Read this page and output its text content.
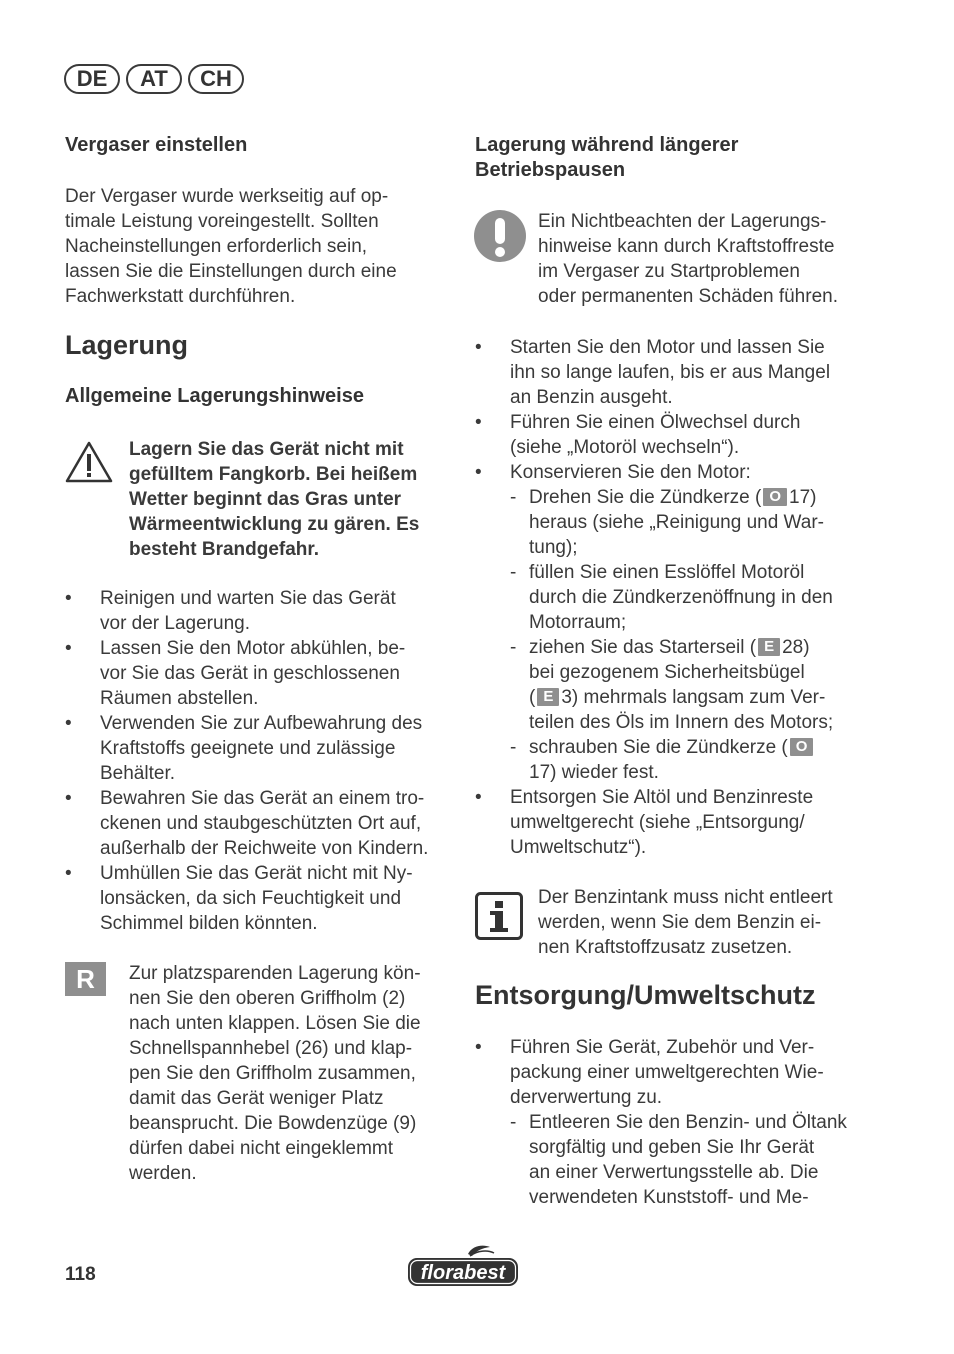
DE	AT	CH
Vergaser einstellen
Der Vergaser wurde werkseitig auf op-
timale Leistung voreingestellt. Sollten
Nacheinstellungen erforderlich sein,
lassen Sie die Einstellungen durch eine
Fachwerkstatt durchführen.
Lagerung
Allgemeine Lagerungshinweise
Lagern Sie das Gerät nicht mit
gefülltem Fangkorb. Bei heißem
Wetter beginnt das Gras unter
Wärmeentwicklung zu gären. Es
besteht Brandgefahr.
• Reinigen und warten Sie das Gerät
vor der Lagerung.
• Lassen Sie den Motor abkühlen, be-
vor Sie das Gerät in geschlossenen
Räumen abstellen.
• Verwenden Sie zur Aufbewahrung des
Kraftstoffs geeignete und zulässige
Behälter.
• Bewahren Sie das Gerät an einem tro-
ckenen und staubgeschützten Ort auf,
außerhalb der Reichweite von Kindern.
• Umhüllen Sie das Gerät nicht mit Ny-
lonsäcken, da sich Feuchtigkeit und
Schimmel bilden könnten.
R	Zur platzsparenden Lagerung kön-
nen Sie den oberen Griffholm (2)
nach unten klappen. Lösen Sie die
Schnellspannhebel (26) und klap-
pen Sie den Griffholm zusammen,
damit das Gerät weniger Platz
beansprucht. Die Bowdenzüge (9)
dürfen dabei nicht eingeklemmt
werden.
Lagerung während längerer
Betriebspausen
Ein Nichtbeachten der Lagerungs-
hinweise kann durch Kraftstoffreste
im Vergaser zu Startproblemen
oder permanenten Schäden führen.
• Starten Sie den Motor und lassen Sie
ihn so lange laufen, bis er aus Mangel
an Benzin ausgeht.
• Führen Sie einen Ölwechsel durch
(siehe „Motoröl wechseln“).
• Konservieren Sie den Motor:
- Drehen Sie die Zündkerze ( O 17)
heraus (siehe „Reinigung und War-
tung);
- füllen Sie einen Esslöffel Motoröl
durch die Zündkerzenöffnung in den
Motorraum;
- ziehen Sie das Starterseil ( E 28)
bei gezogenem Sicherheitsbügel
( E 3) mehrmals langsam zum Ver-
teilen des Öls im Innern des Motors;
- schrauben Sie die Zündkerze ( O
17) wieder fest.
• Entsorgen Sie Altöl und Benzinreste
umweltgerecht (siehe „Entsorgung/
Umweltschutz“).
Der Benzintank muss nicht entleert
werden, wenn Sie dem Benzin ei-
nen Kraftstoffzusatz zusetzen.
Entsorgung/Umweltschutz
• Führen Sie Gerät, Zubehör und Ver-
packung einer umweltgerechten Wie-
derverwertung zu.
- Entleeren Sie den Benzin- und Öltank
sorgfältig und geben Sie Ihr Gerät
an einer Verwertungsstelle ab. Die
verwendeten Kunststoff- und Me-
118	florabest
